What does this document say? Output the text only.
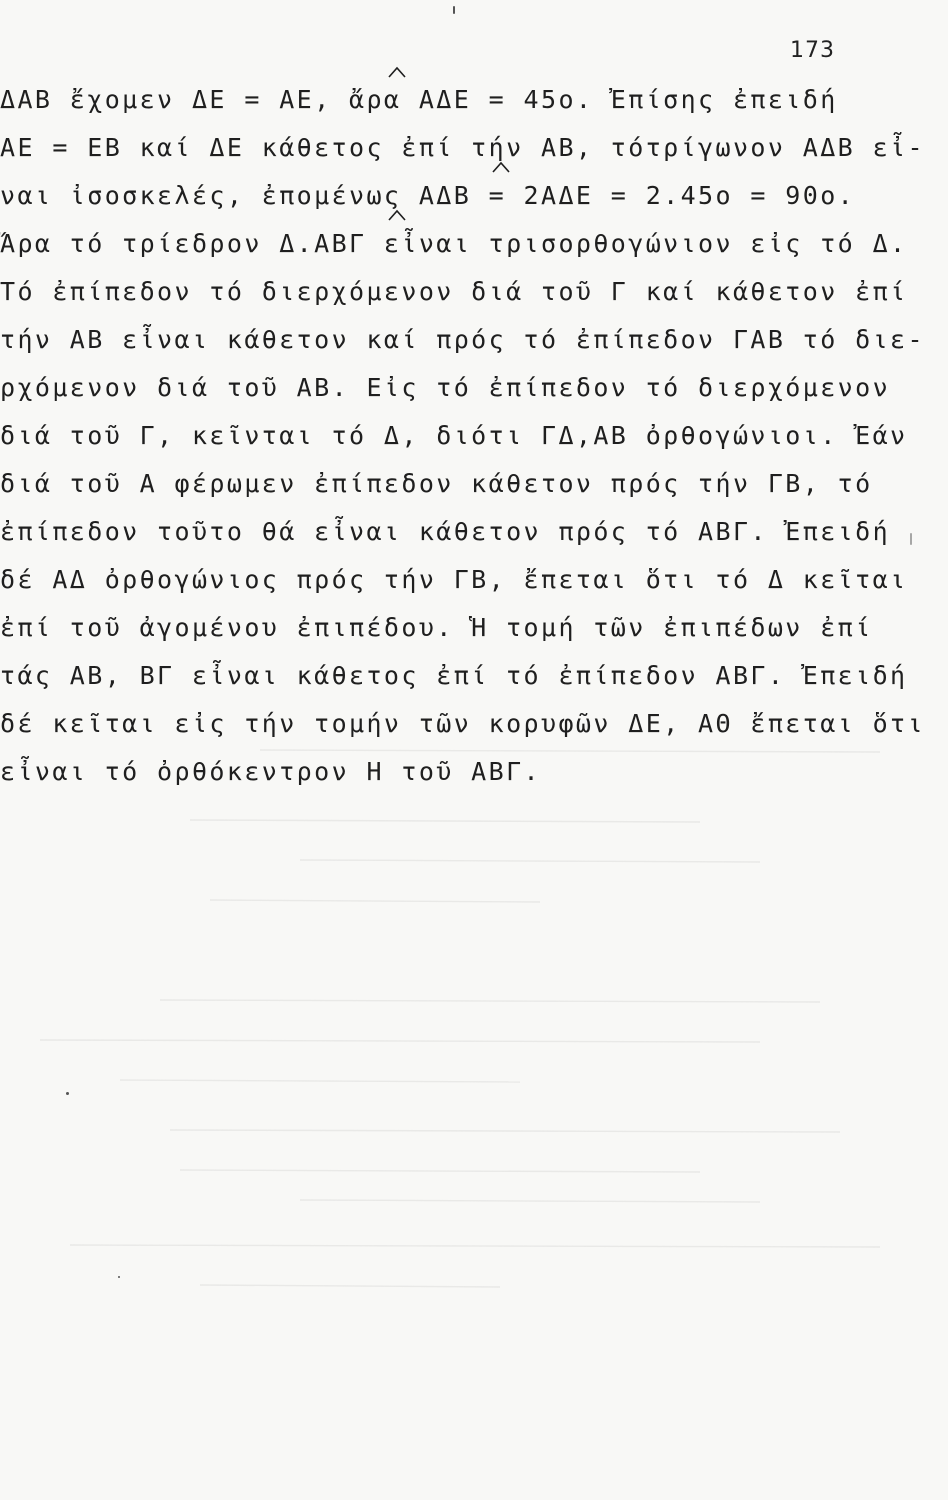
173
ΔΑΒ ἔχομεν ΔΕ = ΑΕ, ἄρα ΑΔΕ = 45ο. Ἐπίσης ἐπειδή
ΑΕ = ΕΒ καί ΔΕ κάθετος ἐπί τήν ΑΒ, τότρίγωνον ΑΔΒ εἶ-
ναι ἰσοσκελές, ἐπομένως ΑΔΒ = 2ΑΔΕ = 2.45ο = 90ο.
Ἄρα τό τρίεδρον Δ.ΑΒΓ εἶναι τρισορθογώνιον εἰς τό Δ.
Τό ἐπίπεδον τό διερχόμενον διά τοῦ Γ καί κάθετον ἐπί
τήν ΑΒ εἶναι κάθετον καί πρός τό ἐπίπεδον ΓΑΒ τό διε-
ρχόμενον διά τοῦ ΑΒ. Εἰς τό ἐπίπεδον τό διερχόμενον
διά τοῦ Γ, κεῖνται τό Δ, διότι ΓΔ,ΑΒ ὀρθογώνιοι. Ἐάν
διά τοῦ Α φέρωμεν ἐπίπεδον κάθετον πρός τήν ΓΒ, τό
ἐπίπεδον τοῦτο θά εἶναι κάθετον πρός τό ΑΒΓ. Ἐπειδή
δέ ΑΔ ὀρθογώνιος πρός τήν ΓΒ, ἔπεται ὅτι τό Δ κεῖται
ἐπί τοῦ ἀγομένου ἐπιπέδου. Ἡ τομή τῶν ἐπιπέδων ἐπί
τάς ΑΒ, ΒΓ εἶναι κάθετος ἐπί τό ἐπίπεδον ΑΒΓ. Ἐπειδή
δέ κεῖται εἰς τήν τομήν τῶν κορυφῶν ΔΕ, ΑΘ ἔπεται ὅτι
εἶναι τό ὀρθόκεντρον Η τοῦ ΑΒΓ.
